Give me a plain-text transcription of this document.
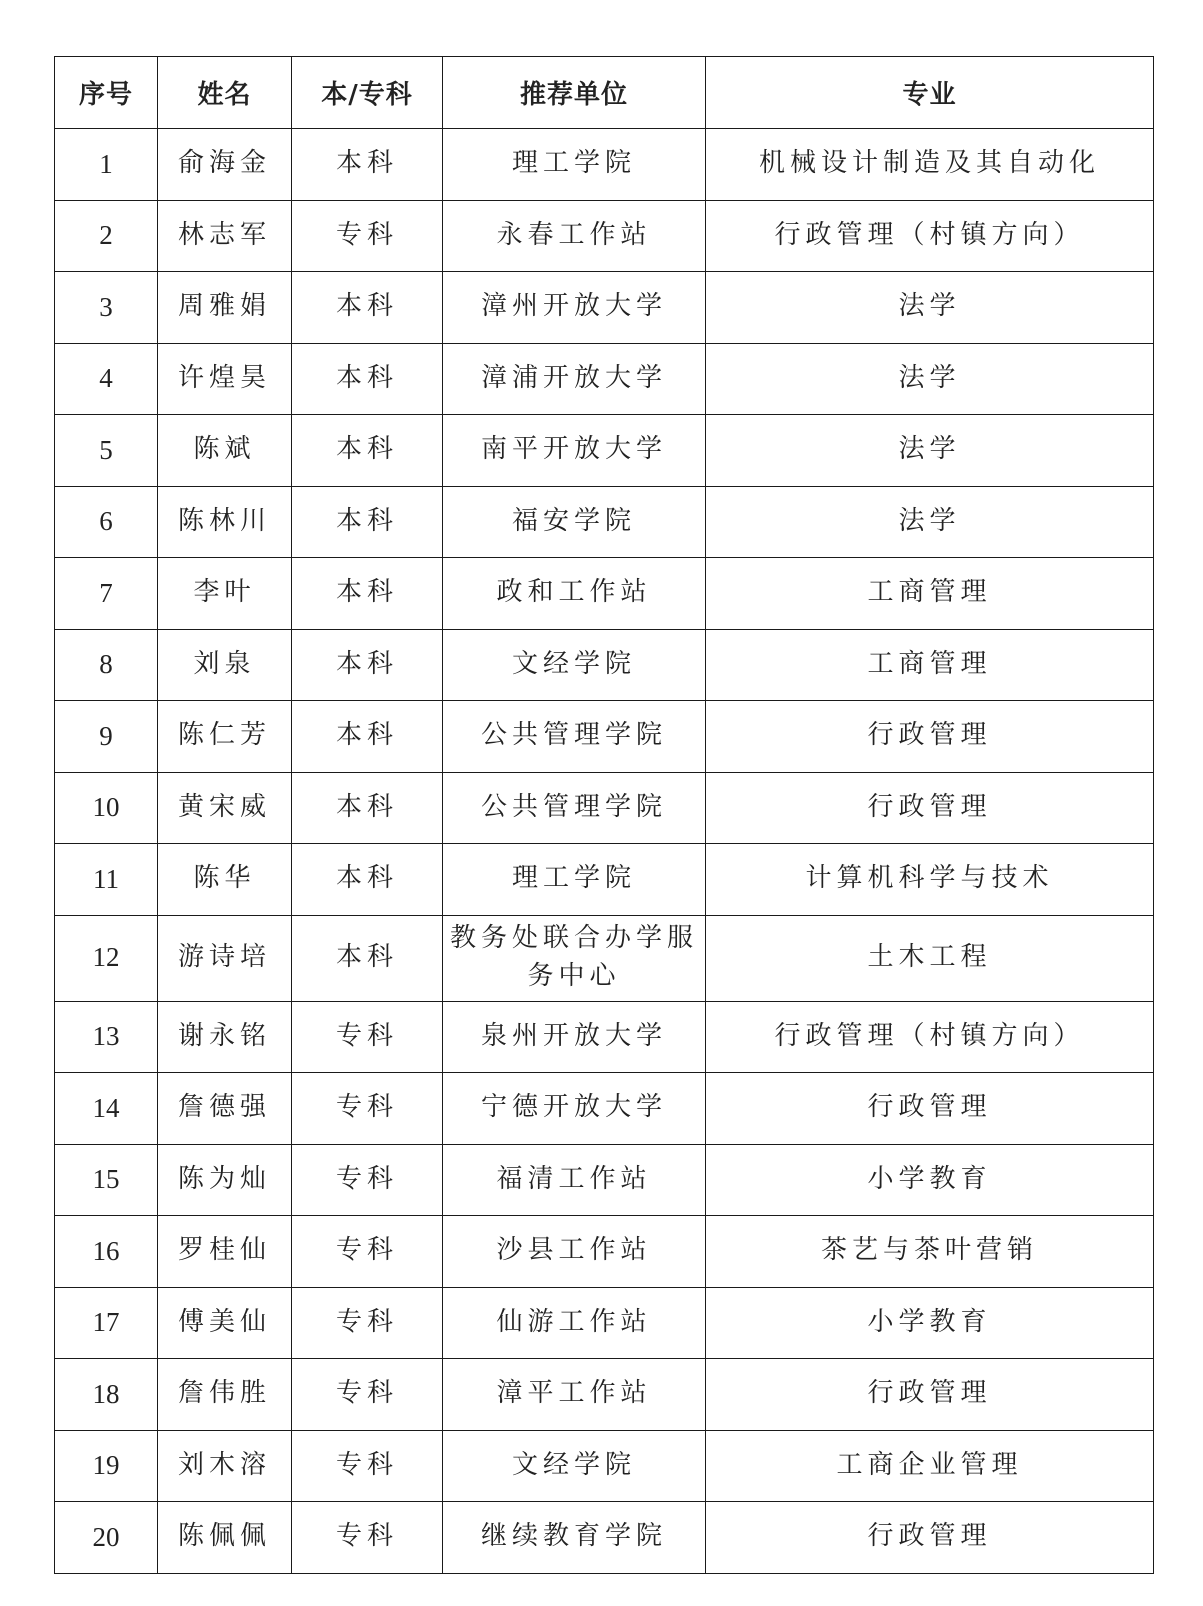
序号	姓名	本/专科	推荐单位	专业
1	俞海金	本科	理工学院	机械设计制造及其自动化
2	林志军	专科	永春工作站	行政管理（村镇方向）
3	周雅娟	本科	漳州开放大学	法学
4	许煌昊	本科	漳浦开放大学	法学
5	陈斌	本科	南平开放大学	法学
6	陈林川	本科	福安学院	法学
7	李叶	本科	政和工作站	工商管理
8	刘泉	本科	文经学院	工商管理
9	陈仁芳	本科	公共管理学院	行政管理
10	黄宋威	本科	公共管理学院	行政管理
11	陈华	本科	理工学院	计算机科学与技术
12	游诗培	本科	教务处联合办学服务中心	土木工程
13	谢永铭	专科	泉州开放大学	行政管理（村镇方向）
14	詹德强	专科	宁德开放大学	行政管理
15	陈为灿	专科	福清工作站	小学教育
16	罗桂仙	专科	沙县工作站	茶艺与茶叶营销
17	傅美仙	专科	仙游工作站	小学教育
18	詹伟胜	专科	漳平工作站	行政管理
19	刘木溶	专科	文经学院	工商企业管理
20	陈佩佩	专科	继续教育学院	行政管理
